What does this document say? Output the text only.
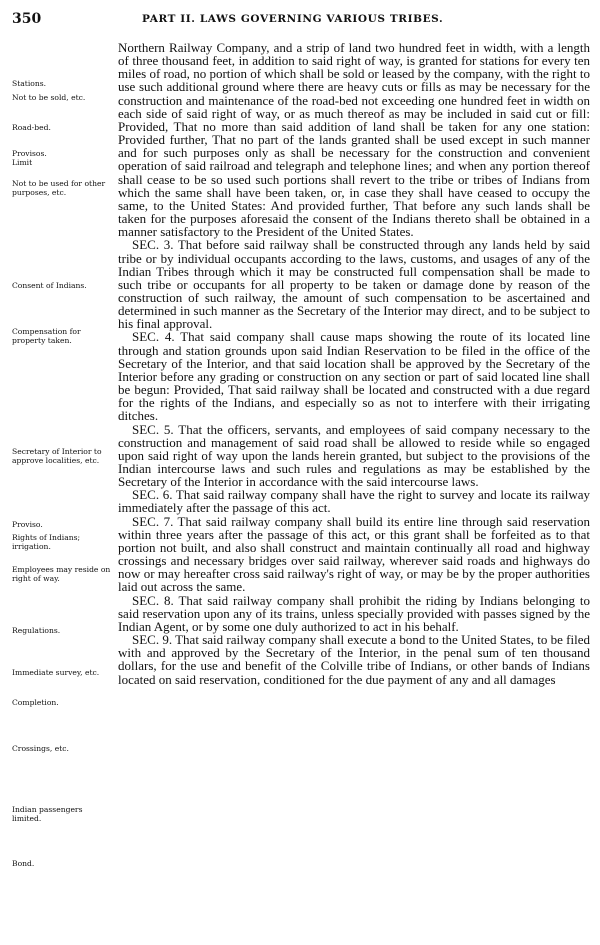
350	PART II. LAWS GOVERNING VARIOUS TRIBES.
Stations.
Not to be sold, etc.
Road-bed.
Provisos. Limit
Not to be used for other purposes, etc.
Consent of Indians.
Compensation for property taken.
Secretary of Interior to approve localities, etc.
Proviso.
Rights of Indians; irrigation.
Employees may reside on right of way.
Regulations.
Immediate survey, etc.
Completion.
Crossings, etc.
Indian passengers limited.
Bond.

Northern Railway Company, and a strip of land two hundred feet in width, with a length of three thousand feet, in addition to said right of way, is granted for stations for every ten miles of road, no portion of which shall be sold or leased by the company, with the right to use such additional ground where there are heavy cuts or fills as may be necessary for the construction and maintenance of the road-bed not exceeding one hundred feet in width on each side of said right of way, or as much thereof as may be included in said cut or fill: Provided, That no more than said addition of land shall be taken for any one station: Provided further, That no part of the lands granted shall be used except in such manner and for such purposes only as shall be necessary for the construction and convenient operation of said railroad and telegraph and telephone lines; and when any portion thereof shall cease to be so used such portions shall revert to the tribe or tribes of Indians from which the same shall have been taken, or, in case they shall have ceased to occupy the same, to the United States: And provided further, That before any such lands shall be taken for the purposes aforesaid the consent of the Indians thereto shall be obtained in a manner satisfactory to the President of the United States.

SEC. 3. That before said railway shall be constructed through any lands held by said tribe or by individual occupants according to the laws, customs, and usages of any of the Indian Tribes through which it may be constructed full compensation shall be made to such tribe or occupants for all property to be taken or damage done by reason of the construction of such railway, the amount of such compensation to be ascertained and determined in such manner as the Secretary of the Interior may direct, and to be subject to his final approval.

SEC. 4. That said company shall cause maps showing the route of its located line through and station grounds upon said Indian Reservation to be filed in the office of the Secretary of the Interior, and that said location shall be approved by the Secretary of the Interior before any grading or construction on any section or part of said located line shall be begun: Provided, That said railway shall be located and constructed with a due regard for the rights of the Indians, and especially so as not to interfere with their irrigating ditches.

SEC. 5. That the officers, servants, and employees of said company necessary to the construction and management of said road shall be allowed to reside while so engaged upon said right of way upon the lands herein granted, but subject to the provisions of the Indian intercourse laws and such rules and regulations as may be established by the Secretary of the Interior in accordance with the said intercourse laws.

SEC. 6. That said railway company shall have the right to survey and locate its railway immediately after the passage of this act.

SEC. 7. That said railway company shall build its entire line through said reservation within three years after the passage of this act, or this grant shall be forfeited as to that portion not built, and also shall construct and maintain continually all road and highway crossings and necessary bridges over said railway, wherever said roads and highways do now or may hereafter cross said railway's right of way, or may be by the proper authorities laid out across the same.

SEC. 8. That said railway company shall prohibit the riding by Indians belonging to said reservation upon any of its trains, unless specially provided with passes signed by the Indian Agent, or by some one duly authorized to act in his behalf.

SEC. 9. That said railway company shall execute a bond to the United States, to be filed with and approved by the Secretary of the Interior, in the penal sum of ten thousand dollars, for the use and benefit of the Colville tribe of Indians, or other bands of Indians located on said reservation, conditioned for the due payment of any and all damages
